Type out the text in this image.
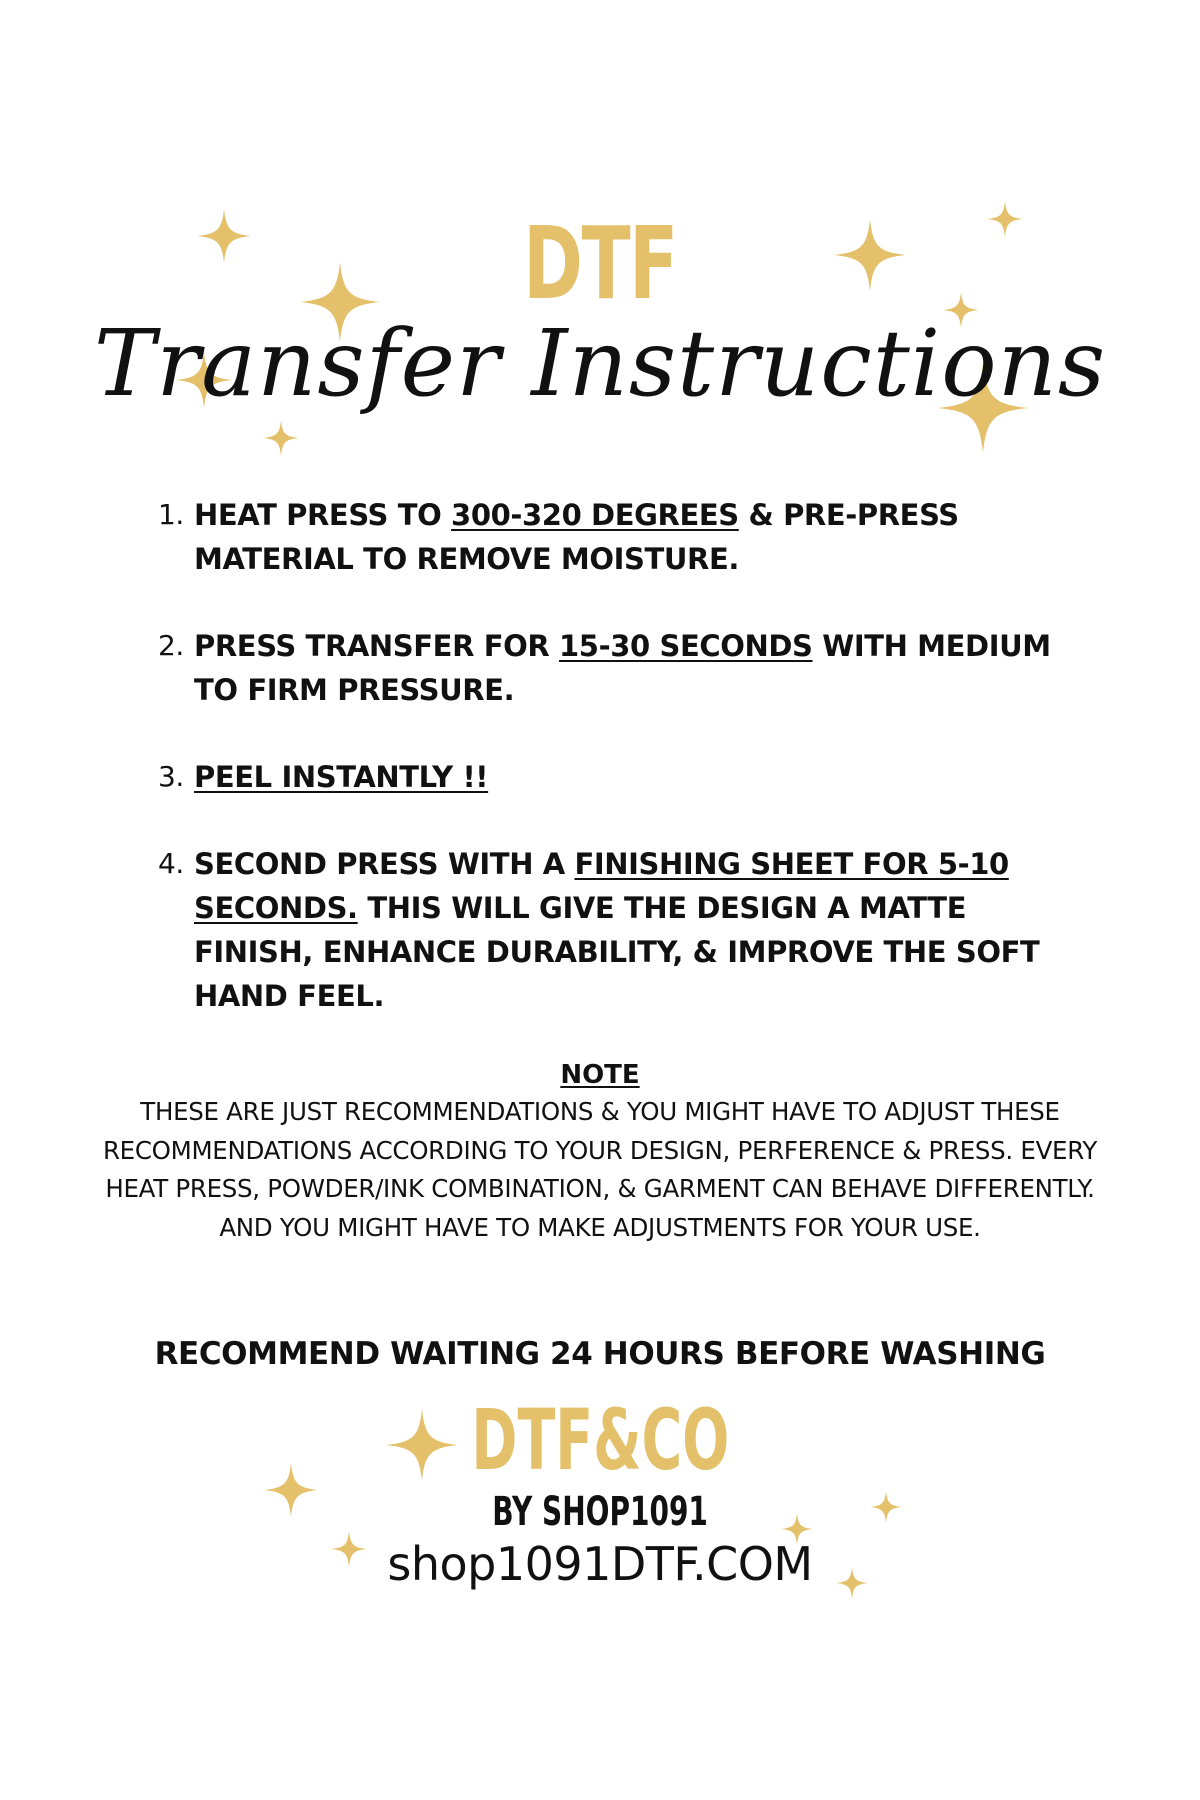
DTF
Transfer Instructions
1. HEAT PRESS TO 300-320 DEGREES & PRE-PRESS MATERIAL TO REMOVE MOISTURE.
2. PRESS TRANSFER FOR 15-30 SECONDS WITH MEDIUM TO FIRM PRESSURE.
3. PEEL INSTANTLY !!
4. SECOND PRESS WITH A FINISHING SHEET FOR 5-10 SECONDS. THIS WILL GIVE THE DESIGN A MATTE FINISH, ENHANCE DURABILITY, & IMPROVE THE SOFT HAND FEEL.
NOTE
THESE ARE JUST RECOMMENDATIONS & YOU MIGHT HAVE TO ADJUST THESE RECOMMENDATIONS ACCORDING TO YOUR DESIGN, PERFERENCE & PRESS. EVERY HEAT PRESS, POWDER/INK COMBINATION, & GARMENT CAN BEHAVE DIFFERENTLY. AND YOU MIGHT HAVE TO MAKE ADJUSTMENTS FOR YOUR USE.
RECOMMEND WAITING 24 HOURS BEFORE WASHING
DTF&CO
BY SHOP1091
shop1091DTF.COM
